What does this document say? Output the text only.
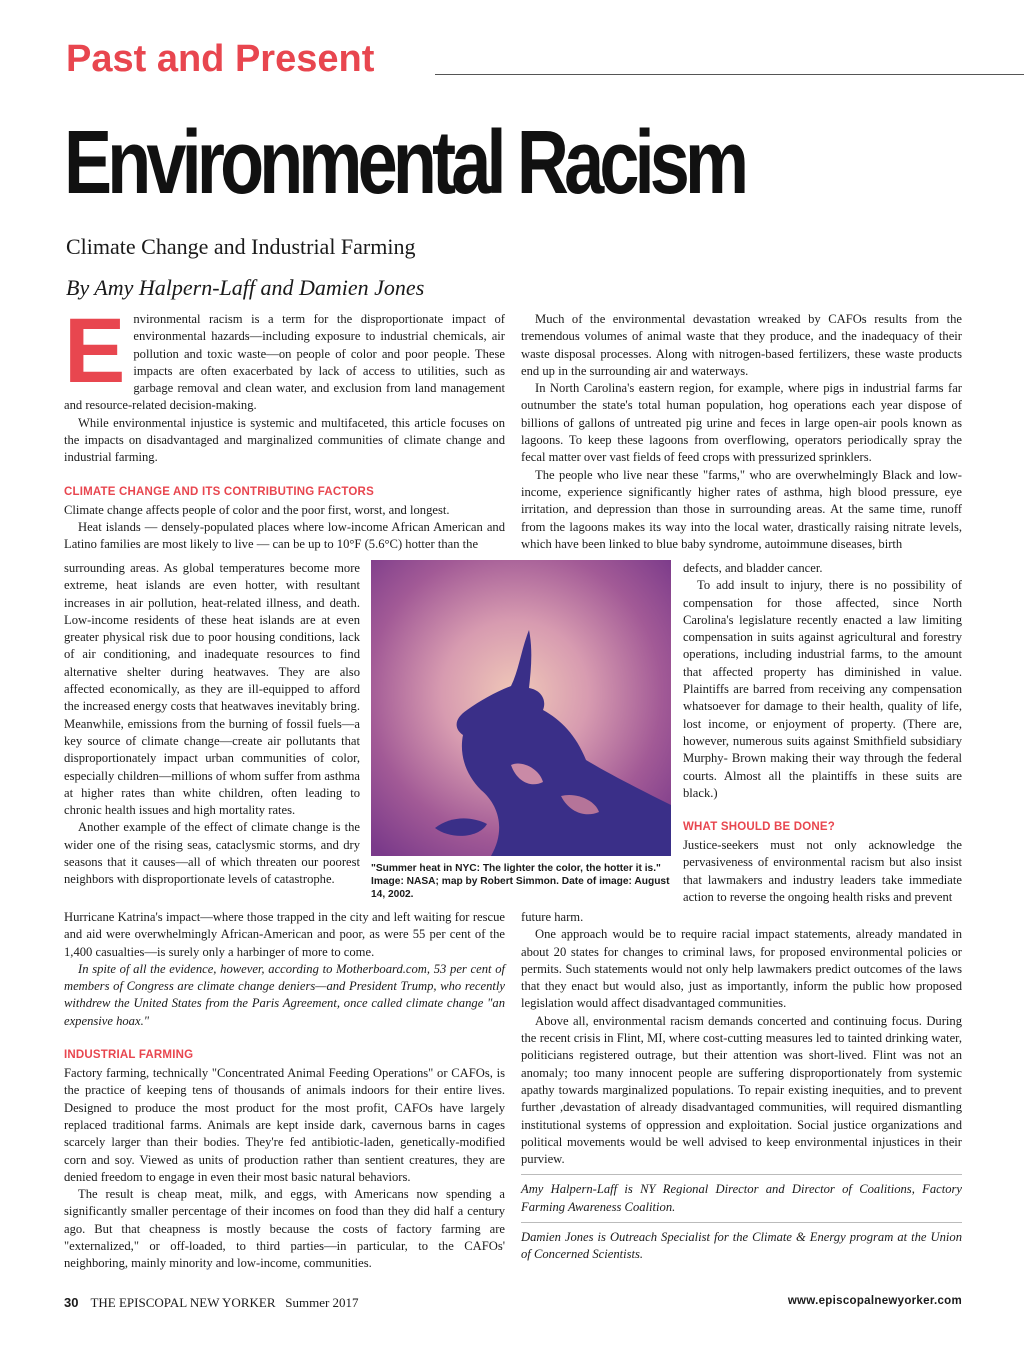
Past and Present
Environmental Racism
Climate Change and Industrial Farming
By Amy Halpern-Laff and Damien Jones
E nvironmental racism is a term for the disproportionate impact of environmental hazards—including exposure to industrial chemicals, air pollution and toxic waste—on people of color and poor people. These impacts are often exacerbated by lack of access to utilities, such as garbage removal and clean water, and exclusion from land management and resource-related decision-making.

While environmental injustice is systemic and multifaceted, this article focuses on the impacts on disadvantaged and marginalized communities of climate change and industrial farming.

CLIMATE CHANGE AND ITS CONTRIBUTING FACTORS

Climate change affects people of color and the poor first, worst, and longest.

Heat islands — densely-populated places where low-income African American and Latino families are most likely to live — can be up to 10°F (5.6°C) hotter than the

surrounding areas. As global temperatures become more extreme, heat islands are even hotter, with resultant increases in air pollution, heat-related illness, and death. Low-income residents of these heat islands are at even greater physical risk due to poor housing conditions, lack of air conditioning, and inadequate resources to find alternative shelter during heatwaves. They are also affected economically, as they are ill-equipped to afford the increased energy costs that heatwaves inevitably bring. Meanwhile, emissions from the burning of fossil fuels—a key source of climate change—create air pollutants that disproportionately impact urban communities of color, especially children—millions of whom suffer from asthma at higher rates than white children, often leading to chronic health issues and high mortality rates.

Another example of the effect of climate change is the wider one of the rising seas, cataclysmic storms, and dry seasons that it causes—all of which threaten our poorest neighbors with disproportionate levels of catastrophe.

Hurricane Katrina's impact—where those trapped in the city and left waiting for rescue and aid were overwhelmingly African-American and poor, as were 55 per cent of the 1,400 casualties—is surely only a harbinger of more to come.

In spite of all the evidence, however, according to Motherboard.com, 53 per cent of members of Congress are climate change deniers—and President Trump, who recently withdrew the United States from the Paris Agreement, once called climate change "an expensive hoax."

INDUSTRIAL FARMING

Factory farming, technically "Concentrated Animal Feeding Operations" or CAFOs, is the practice of keeping tens of thousands of animals indoors for their entire lives. Designed to produce the most product for the most profit, CAFOs have largely replaced traditional farms. Animals are kept inside dark, cavernous barns in cages scarcely larger than their bodies. They're fed antibiotic-laden, genetically-modified corn and soy. Viewed as units of production rather than sentient creatures, they are denied freedom to engage in even their most basic natural behaviors.

The result is cheap meat, milk, and eggs, with Americans now spending a significantly smaller percentage of their incomes on food than they did half a century ago. But that cheapness is mostly because the costs of factory farming are "externalized," or off-loaded, to third parties—in particular, to the CAFOs' neighboring, mainly minority and low-income, communities.

Much of the environmental devastation wreaked by CAFOs results from the tremendous volumes of animal waste that they produce, and the inadequacy of their waste disposal processes. Along with nitrogen-based fertilizers, these waste products end up in the surrounding air and waterways.

In North Carolina's eastern region, for example, where pigs in industrial farms far outnumber the state's total human population, hog operations each year dispose of billions of gallons of untreated pig urine and feces in large open-air pools known as lagoons. To keep these lagoons from overflowing, operators periodically spray the fecal matter over vast fields of feed crops with pressurized sprinklers.

The people who live near these "farms," who are overwhelmingly Black and low-income, experience significantly higher rates of asthma, high blood pressure, eye irritation, and depression than those in surrounding areas. At the same time, runoff from the lagoons makes its way into the local water, drastically raising nitrate levels, which have been linked to blue baby syndrome, autoimmune diseases, birth

"Summer heat in NYC: The lighter the color, the hotter it is." Image: NASA; map by Robert Simmon. Date of image: August 14, 2002.

defects, and bladder cancer.

To add insult to injury, there is no possibility of compensation for those affected, since North Carolina's legislature recently enacted a law limiting compensation in suits against agricultural and forestry operations, including industrial farms, to the amount that affected property has diminished in value. Plaintiffs are barred from receiving any compensation whatsoever for damage to their health, quality of life, lost income, or enjoyment of property. (There are, however, numerous suits against Smithfield subsidiary Murphy- Brown making their way through the federal courts. Almost all the plaintiffs in these suits are black.)

WHAT SHOULD BE DONE?

Justice-seekers must not only acknowledge the pervasiveness of environmental racism but also insist that lawmakers and industry leaders take immediate action to reverse the ongoing health risks and prevent

future harm.

One approach would be to require racial impact statements, already mandated in about 20 states for changes to criminal laws, for proposed environmental policies or permits. Such statements would not only help lawmakers predict outcomes of the laws that they enact but would also, just as importantly, inform the public how proposed legislation would affect disadvantaged communities.

Above all, environmental racism demands concerted and continuing focus. During the recent crisis in Flint, MI, where cost-cutting measures led to tainted drinking water, politicians registered outrage, but their attention was short-lived. Flint was not an anomaly; too many innocent people are suffering disproportionately from systemic apathy towards marginalized populations. To repair existing inequities, and to prevent further ,devastation of already disadvantaged communities, will required dismantling institutional systems of oppression and exploitation. Social justice organizations and political movements would be well advised to keep environmental injustices in their purview.

Amy Halpern-Laff is NY Regional Director and Director of Coalitions, Factory Farming Awareness Coalition.

Damien Jones is Outreach Specialist for the Climate & Energy program at the Union of Concerned Scientists.

30 THE EPISCOPAL NEW YORKER Summer 2017	www.episcopalnewyorker.com
